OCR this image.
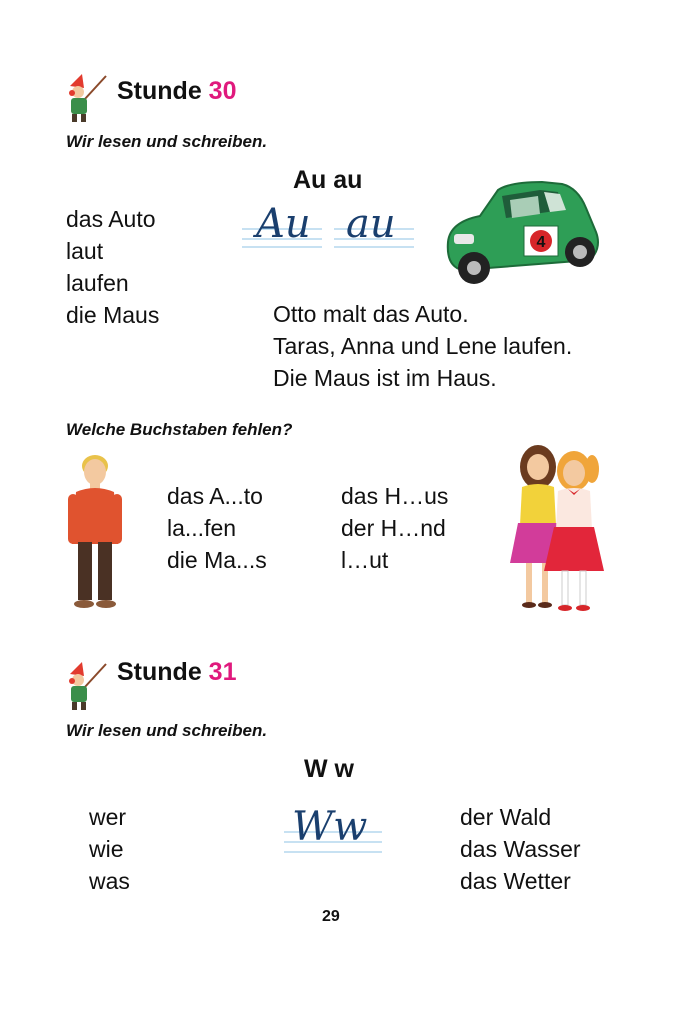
Stunde 30
Wir lesen und schreiben.
Au au
das Auto
laut
laufen
die Maus
Au au	4
Otto malt das Auto.
Taras, Anna und Lene laufen.
Die Maus ist im Haus.
Welche Buchstaben fehlen?
das A...to
la...fen
die Ma...s
das H…us
der H…nd
l…ut
Stunde 31
Wir lesen und schreiben.
W w
wer
wie
was
Ww	der Wald
das Wasser
das Wetter
29
